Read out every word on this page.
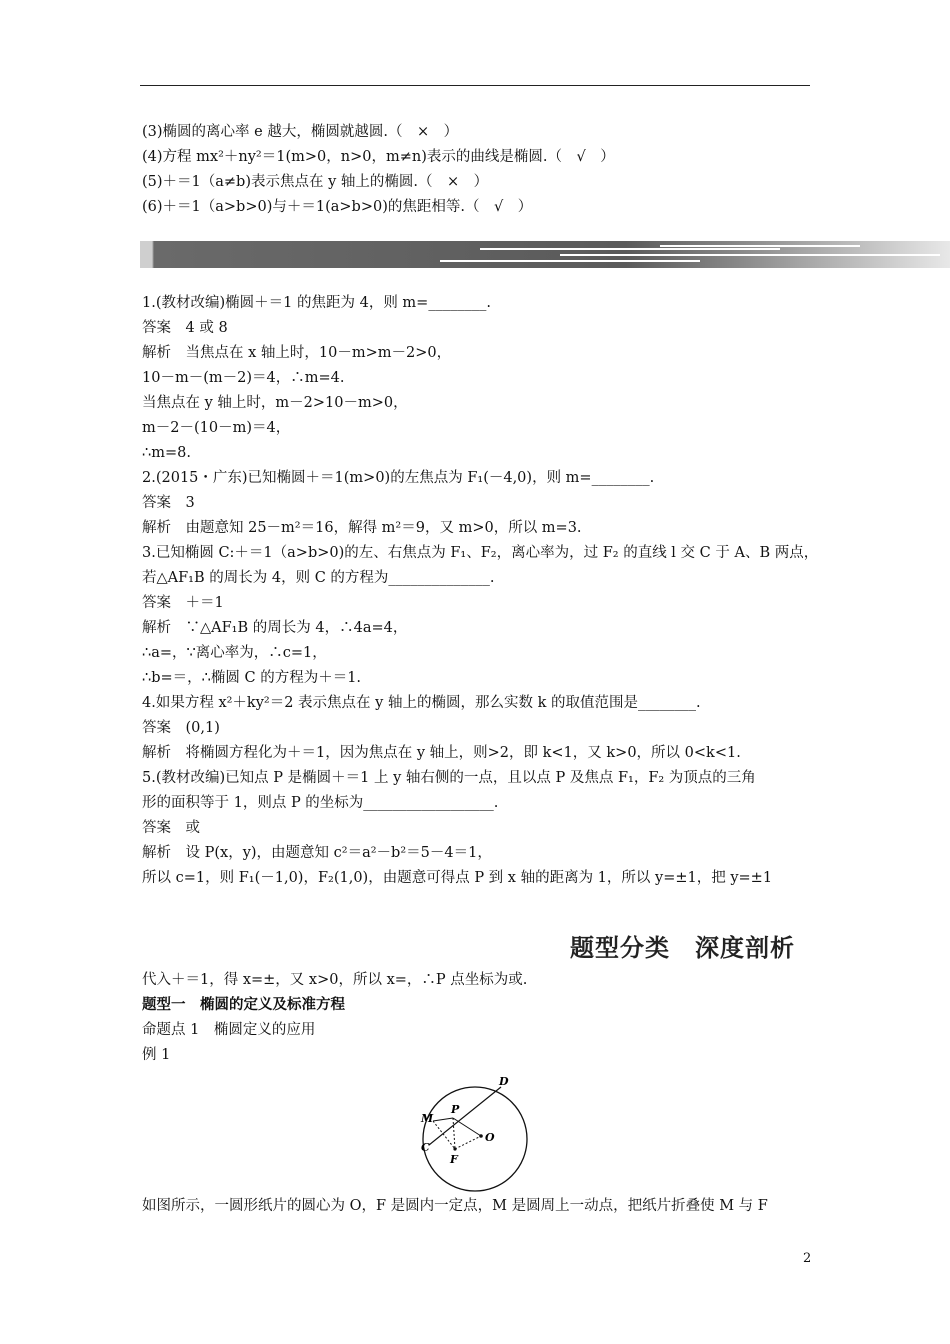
(3)椭圆的离心率 e 越大，椭圆就越圆.（　×　）
(4)方程 mx²＋ny²＝1(m>0，n>0，m≠n)表示的曲线是椭圆.（　√　）
(5)＋＝1（a≠b)表示焦点在 y 轴上的椭圆.（　×　）
(6)＋＝1（a>b>0)与＋＝1(a>b>0)的焦距相等.（　√　）
1.(教材改编)椭圆＋＝1 的焦距为 4，则 m=________.
答案　4 或 8
解析　当焦点在 x 轴上时，10－m>m－2>0，
10－m－(m－2)＝4，∴m=4.
当焦点在 y 轴上时，m－2>10－m>0，
m－2－(10－m)＝4，
∴m=8.
2.(2015・广东)已知椭圆＋＝1(m>0)的左焦点为 F₁(－4,0)，则 m=________.
答案　3
解析　由题意知 25－m²＝16，解得 m²＝9，又 m>0，所以 m=3.
3.已知椭圆 C:＋＝1（a>b>0)的左、右焦点为 F₁、F₂，离心率为，过 F₂ 的直线 l 交 C 于 A、B 两点，
若△AF₁B 的周长为 4，则 C 的方程为______________.
答案　＋＝1
解析　∵△AF₁B 的周长为 4，∴4a=4，
∴a=，∵离心率为，∴c=1，
∴b=＝，∴椭圆 C 的方程为＋＝1.
4.如果方程 x²＋ky²＝2 表示焦点在 y 轴上的椭圆，那么实数 k 的取值范围是________.
答案　(0,1)
解析　将椭圆方程化为＋＝1，因为焦点在 y 轴上，则>2，即 k<1，又 k>0，所以 0<k<1.
5.(教材改编)已知点 P 是椭圆＋＝1 上 y 轴右侧的一点，且以点 P 及焦点 F₁，F₂ 为顶点的三角
形的面积等于 1，则点 P 的坐标为__________________.
答案　或
解析　设 P(x，y)，由题意知 c²＝a²－b²＝5－4＝1，
所以 c=1，则 F₁(－1,0)，F₂(1,0)，由题意可得点 P 到 x 轴的距离为 1，所以 y=±1，把 y=±1
题型分类　深度剖析
代入＋＝1，得 x=±，又 x>0，所以 x=，∴P 点坐标为或.
题型一　椭圆的定义及标准方程
命题点 1　椭圆定义的应用
例 1
D
M
P
C
O
F
如图所示，一圆形纸片的圆心为 O，F 是圆内一定点，M 是圆周上一动点，把纸片折叠使 M 与 F
2
